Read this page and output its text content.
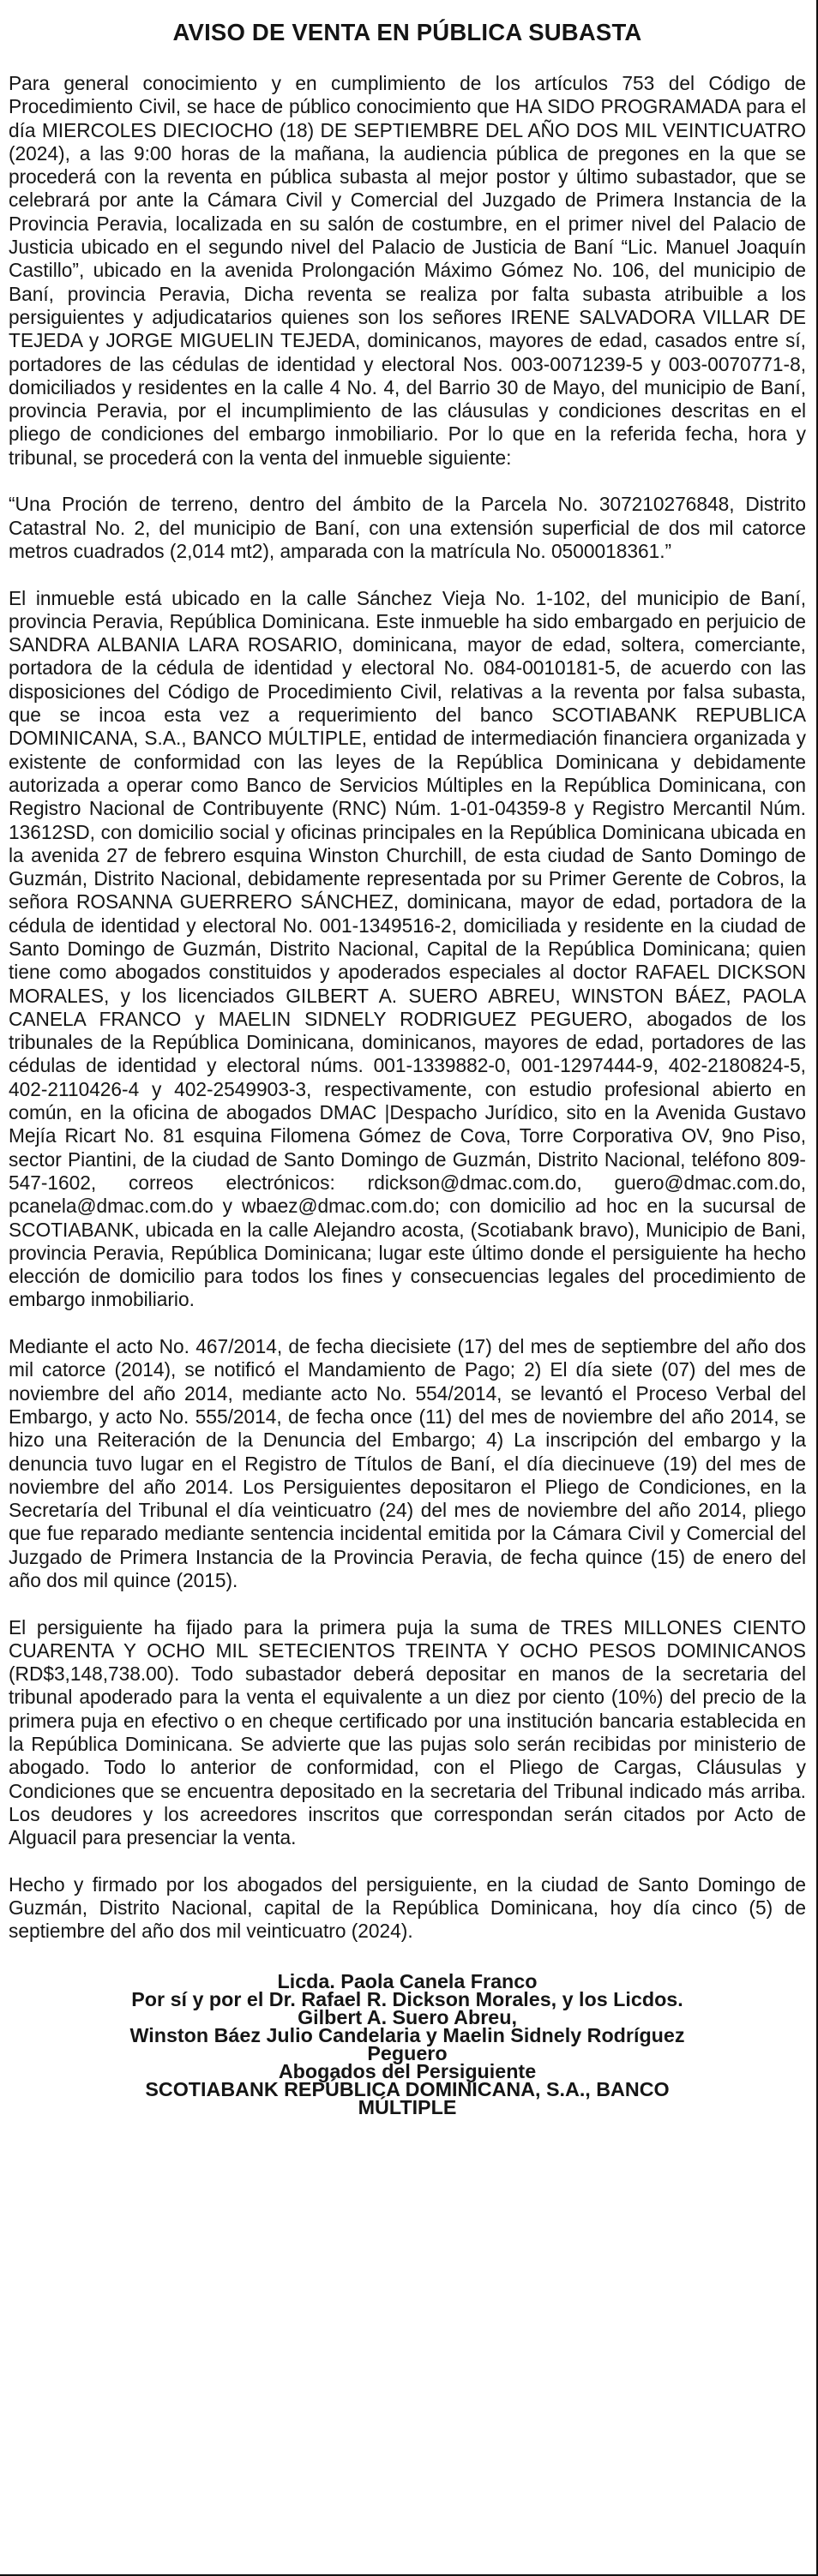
AVISO DE VENTA EN PÚBLICA SUBASTA

Para general conocimiento y en cumplimiento de los artículos 753 del Código de Procedimiento Civil, se hace de público conocimiento que HA SIDO PROGRAMADA para el día MIERCOLES DIECIOCHO (18) DE SEPTIEMBRE DEL AÑO DOS MIL VEINTICUATRO (2024), a las 9:00 horas de la mañana, la audiencia pública de pregones en la que se procederá con la reventa en pública subasta al mejor postor y último subastador, que se celebrará por ante la Cámara Civil y Comercial del Juzgado de Primera Instancia de la Provincia Peravia, localizada en su salón de costumbre, en el primer nivel del Palacio de Justicia ubicado en el segundo nivel del Palacio de Justicia de Baní “Lic. Manuel Joaquín Castillo”, ubicado en la avenida Prolongación Máximo Gómez No. 106, del municipio de Baní, provincia Peravia, Dicha reventa se realiza por falta subasta atribuible a los persiguientes y adjudicatarios quienes son los señores IRENE SALVADORA VILLAR DE TEJEDA y JORGE MIGUELIN TEJEDA, dominicanos, mayores de edad, casados entre sí, portadores de las cédulas de identidad y electoral Nos. 003-0071239-5 y 003-0070771-8, domiciliados y residentes en la calle 4 No. 4, del Barrio 30 de Mayo, del municipio de Baní, provincia Peravia, por el incumplimiento de las cláusulas y condiciones descritas en el pliego de condiciones del embargo inmobiliario. Por lo que en la referida fecha, hora y tribunal, se procederá con la venta del inmueble siguiente:

“Una Proción de terreno, dentro del ámbito de la Parcela No. 307210276848, Distrito Catastral No. 2, del municipio de Baní, con una extensión superficial de dos mil catorce metros cuadrados (2,014 mt2), amparada con la matrícula No. 0500018361.”

El inmueble está ubicado en la calle Sánchez Vieja No. 1-102, del municipio de Baní, provincia Peravia, República Dominicana. Este inmueble ha sido embargado en perjuicio de SANDRA ALBANIA LARA ROSARIO, dominicana, mayor de edad, soltera, comerciante, portadora de la cédula de identidad y electoral No. 084-0010181-5, de acuerdo con las disposiciones del Código de Procedimiento Civil, relativas a la reventa por falsa subasta, que se incoa esta vez a requerimiento del banco SCOTIABANK REPUBLICA DOMINICANA, S.A., BANCO MÚLTIPLE, entidad de intermediación financiera organizada y existente de conformidad con las leyes de la República Dominicana y debidamente autorizada a operar como Banco de Servicios Múltiples en la República Dominicana, con Registro Nacional de Contribuyente (RNC) Núm. 1-01-04359-8 y Registro Mercantil Núm. 13612SD, con domicilio social y oficinas principales en la República Dominicana ubicada en la avenida 27 de febrero esquina Winston Churchill, de esta ciudad de Santo Domingo de Guzmán, Distrito Nacional, debidamente representada por su Primer Gerente de Cobros, la señora ROSANNA GUERRERO SÁNCHEZ, dominicana, mayor de edad, portadora de la cédula de identidad y electoral No. 001-1349516-2, domiciliada y residente en la ciudad de Santo Domingo de Guzmán, Distrito Nacional, Capital de la República Dominicana; quien tiene como abogados constituidos y apoderados especiales al doctor RAFAEL DICKSON MORALES, y los licenciados GILBERT A. SUERO ABREU, WINSTON BÁEZ, PAOLA CANELA FRANCO y MAELIN SIDNELY RODRIGUEZ PEGUERO, abogados de los tribunales de la República Dominicana, dominicanos, mayores de edad, portadores de las cédulas de identidad y electoral núms. 001-1339882-0, 001-1297444-9, 402-2180824-5, 402-2110426-4 y 402-2549903-3, respectivamente, con estudio profesional abierto en común, en la oficina de abogados DMAC |Despacho Jurídico, sito en la Avenida Gustavo Mejía Ricart No. 81 esquina Filomena Gómez de Cova, Torre Corporativa OV, 9no Piso, sector Piantini, de la ciudad de Santo Domingo de Guzmán, Distrito Nacional, teléfono 809-547-1602, correos electrónicos: rdickson@dmac.com.do, guero@dmac.com.do, pcanela@dmac.com.do y wbaez@dmac.com.do; con domicilio ad hoc en la sucursal de SCOTIABANK, ubicada en la calle Alejandro acosta, (Scotiabank bravo), Municipio de Bani, provincia Peravia, República Dominicana; lugar este último donde el persiguiente ha hecho elección de domicilio para todos los fines y consecuencias legales del procedimiento de embargo inmobiliario.

Mediante el acto No. 467/2014, de fecha diecisiete (17) del mes de septiembre del año dos mil catorce (2014), se notificó el Mandamiento de Pago; 2) El día siete (07) del mes de noviembre del año 2014, mediante acto No. 554/2014, se levantó el Proceso Verbal del Embargo, y acto No. 555/2014, de fecha once (11) del mes de noviembre del año 2014, se hizo una Reiteración de la Denuncia del Embargo; 4) La inscripción del embargo y la denuncia tuvo lugar en el Registro de Títulos de Baní, el día diecinueve (19) del mes de noviembre del año 2014. Los Persiguientes depositaron el Pliego de Condiciones, en la Secretaría del Tribunal el día veinticuatro (24) del mes de noviembre del año 2014, pliego que fue reparado mediante sentencia incidental emitida por la Cámara Civil y Comercial del Juzgado de Primera Instancia de la Provincia Peravia, de fecha quince (15) de enero del año dos mil quince (2015).

El persiguiente ha fijado para la primera puja la suma de TRES MILLONES CIENTO CUARENTA Y OCHO MIL SETECIENTOS TREINTA Y OCHO PESOS DOMINICANOS (RD$3,148,738.00). Todo subastador deberá depositar en manos de la secretaria del tribunal apoderado para la venta el equivalente a un diez por ciento (10%) del precio de la primera puja en efectivo o en cheque certificado por una institución bancaria establecida en la República Dominicana. Se advierte que las pujas solo serán recibidas por ministerio de abogado. Todo lo anterior de conformidad, con el Pliego de Cargas, Cláusulas y Condiciones que se encuentra depositado en la secretaria del Tribunal indicado más arriba. Los deudores y los acreedores inscritos que correspondan serán citados por Acto de Alguacil para presenciar la venta.

Hecho y firmado por los abogados del persiguiente, en la ciudad de Santo Domingo de Guzmán, Distrito Nacional, capital de la República Dominicana, hoy día cinco (5) de septiembre del año dos mil veinticuatro (2024).

Licda. Paola Canela Franco
Por sí y por el Dr. Rafael R. Dickson Morales, y los Licdos.
Gilbert A. Suero Abreu,
Winston Báez Julio Candelaria y Maelin Sidnely Rodríguez
Peguero
Abogados del Persiguiente
SCOTIABANK REPÚBLICA DOMINICANA, S.A., BANCO
MÚLTIPLE
